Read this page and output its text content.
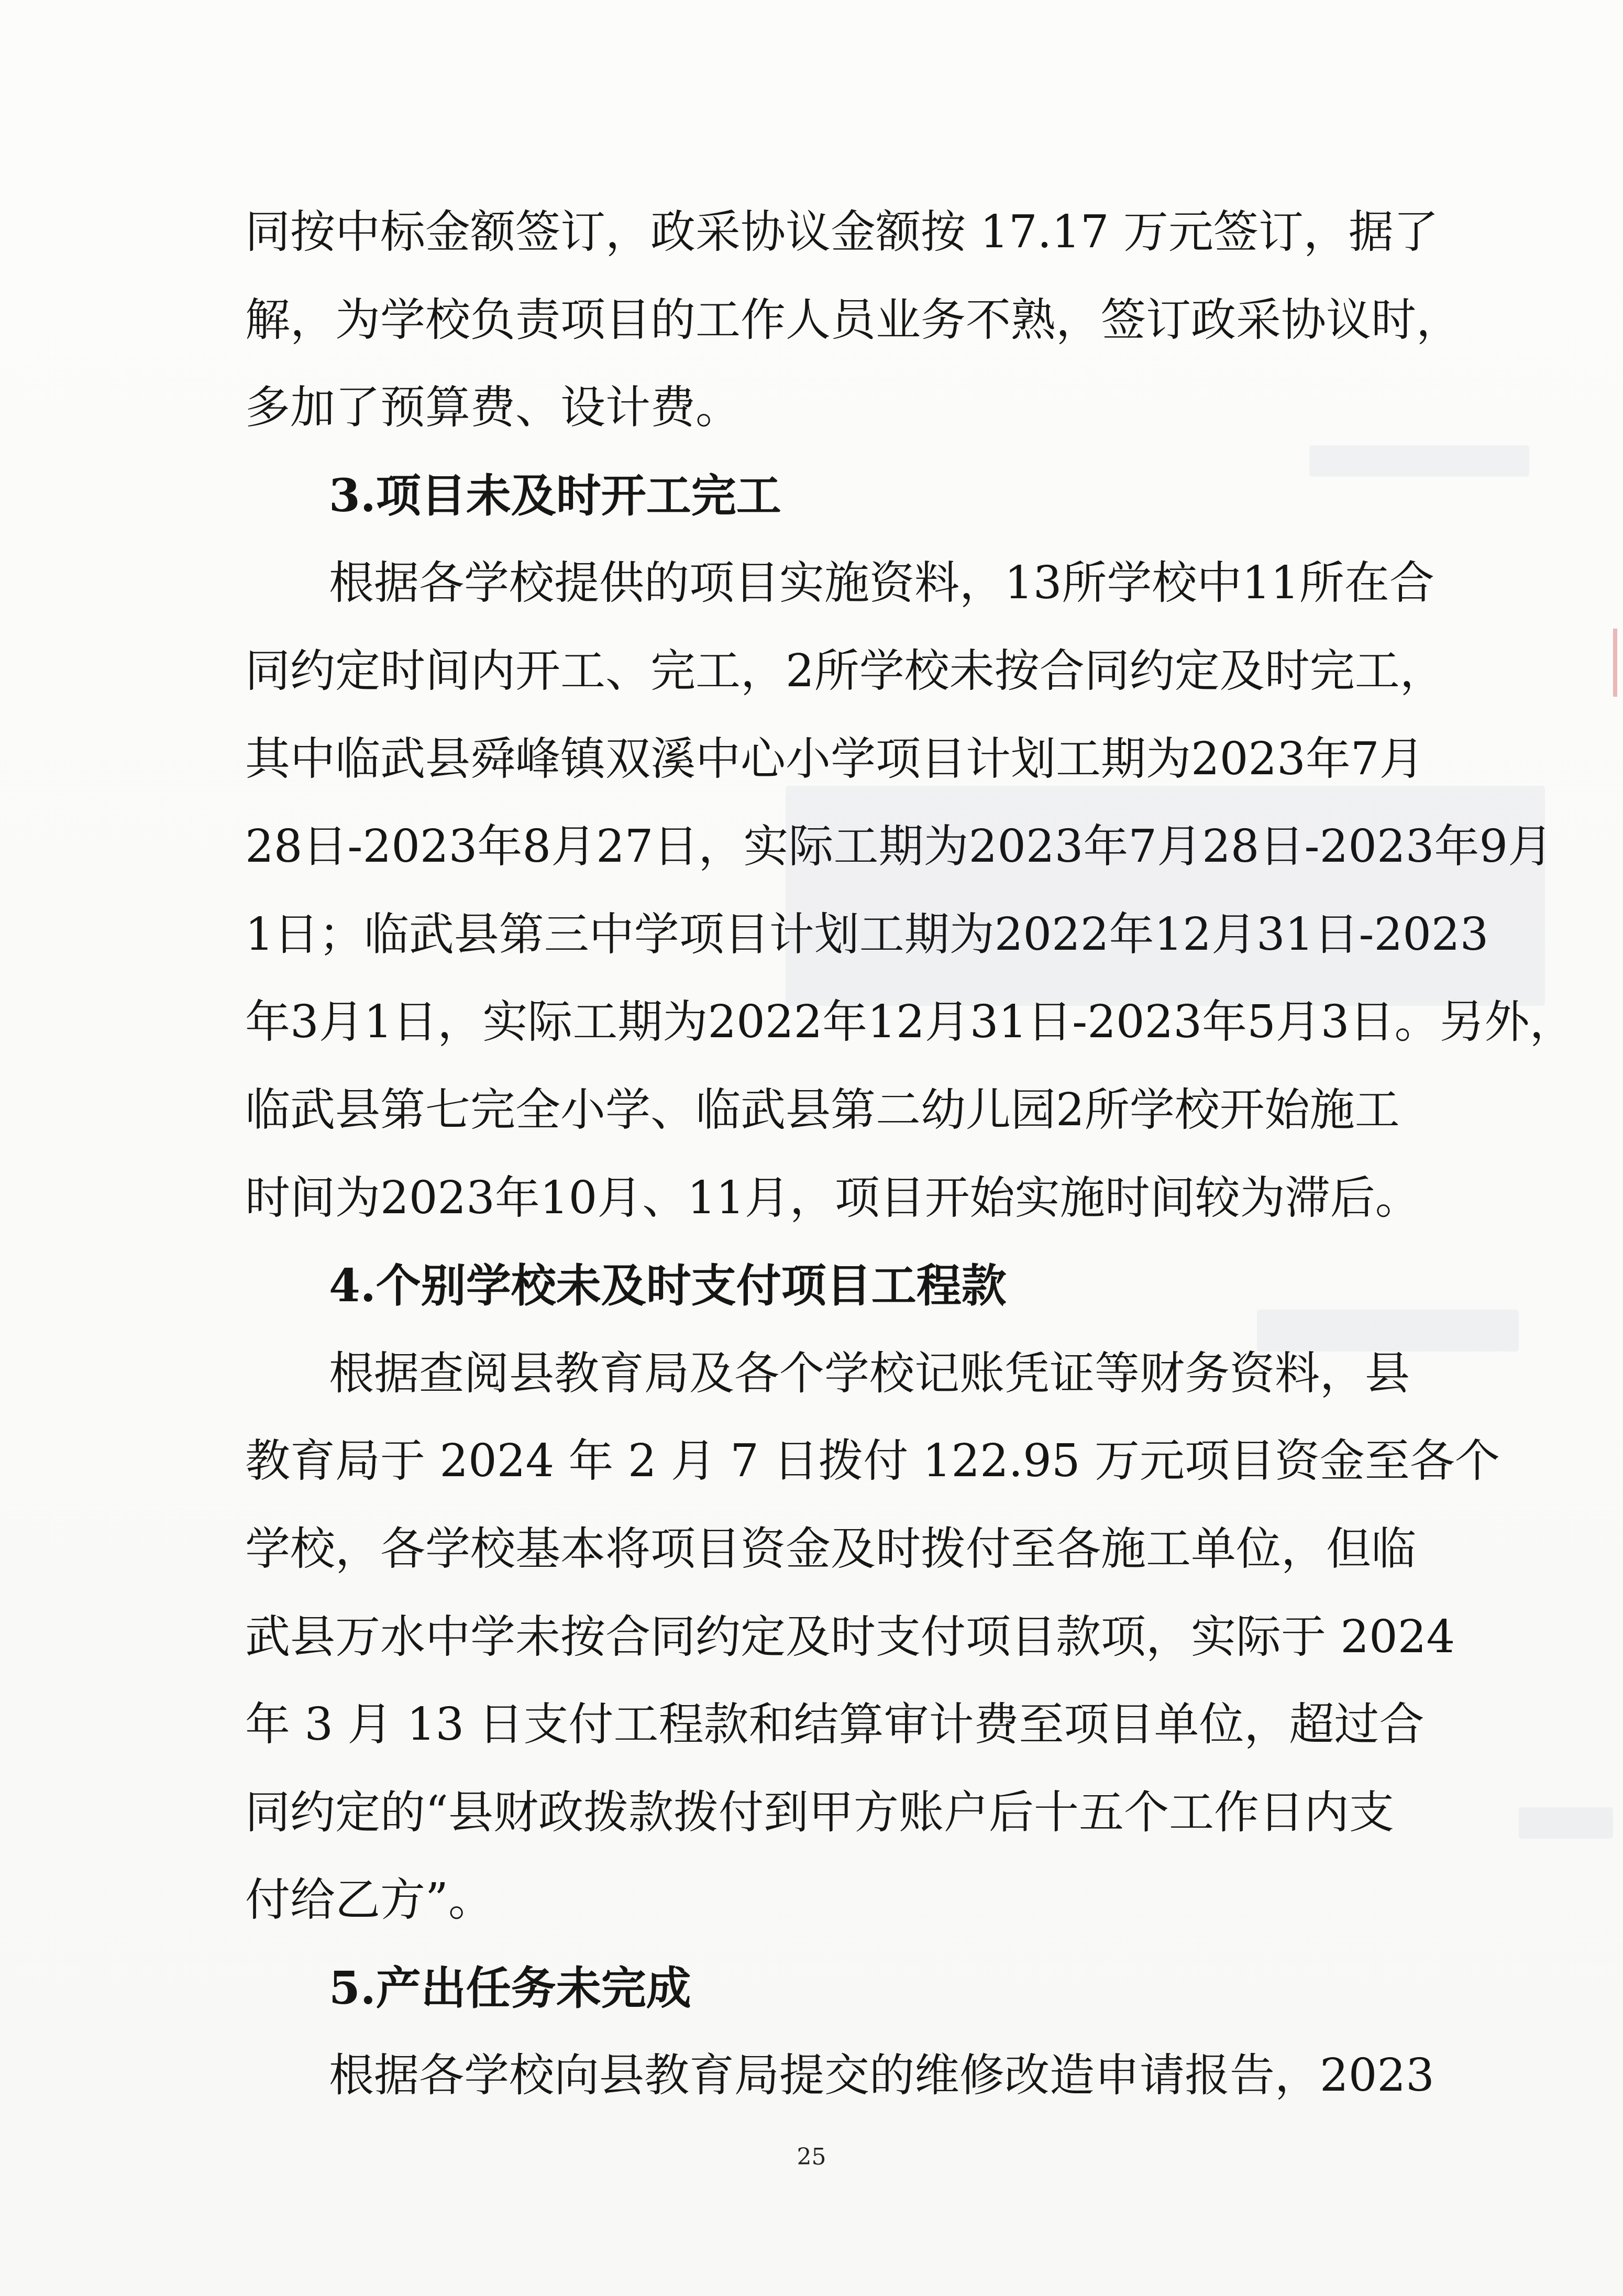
同按中标金额签订，政采协议金额按 17.17 万元签订，据了
解，为学校负责项目的工作人员业务不熟，签订政采协议时，
多加了预算费、设计费。

3.项目未及时开工完工

根据各学校提供的项目实施资料，13所学校中11所在合
同约定时间内开工、完工，2所学校未按合同约定及时完工，
其中临武县舜峰镇双溪中心小学项目计划工期为2023年7月
28日-2023年8月27日，实际工期为2023年7月28日-2023年9月
1日；临武县第三中学项目计划工期为2022年12月31日-2023
年3月1日，实际工期为2022年12月31日-2023年5月3日。另外，
临武县第七完全小学、临武县第二幼儿园2所学校开始施工
时间为2023年10月、11月，项目开始实施时间较为滞后。

4.个别学校未及时支付项目工程款

根据查阅县教育局及各个学校记账凭证等财务资料，县
教育局于 2024 年 2 月 7 日拨付 122.95 万元项目资金至各个
学校，各学校基本将项目资金及时拨付至各施工单位，但临
武县万水中学未按合同约定及时支付项目款项，实际于 2024
年 3 月 13 日支付工程款和结算审计费至项目单位，超过合
同约定的“县财政拨款拨付到甲方账户后十五个工作日内支
付给乙方”。

5.产出任务未完成

根据各学校向县教育局提交的维修改造申请报告，2023

25
